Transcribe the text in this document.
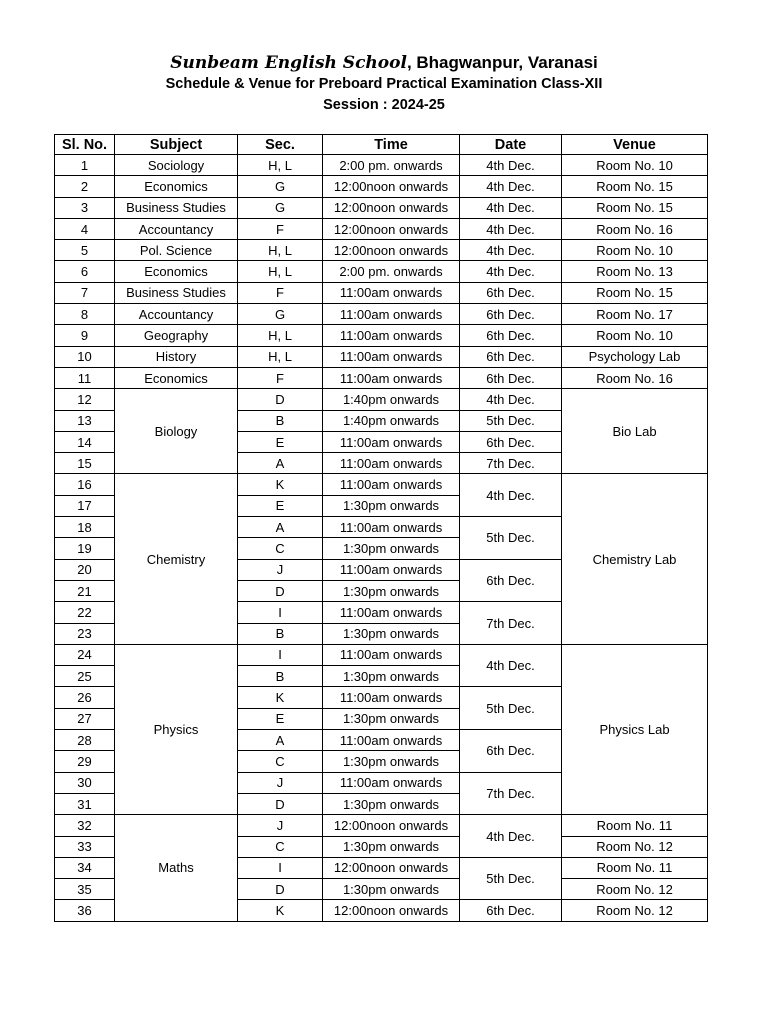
Sunbeam English School, Bhagwanpur, Varanasi
Schedule & Venue for Preboard Practical Examination Class-XII
Session : 2024-25
Sl. No.	Subject	Sec.	Time	Date	Venue
1	Sociology	H, L	2:00 pm. onwards	4th Dec.	Room No. 10
2	Economics	G	12:00noon onwards	4th Dec.	Room No. 15
3	Business Studies	G	12:00noon onwards	4th Dec.	Room No. 15
4	Accountancy	F	12:00noon onwards	4th Dec.	Room No. 16
5	Pol. Science	H, L	12:00noon onwards	4th Dec.	Room No. 10
6	Economics	H, L	2:00 pm. onwards	4th Dec.	Room No. 13
7	Business Studies	F	11:00am onwards	6th Dec.	Room No. 15
8	Accountancy	G	11:00am onwards	6th Dec.	Room No. 17
9	Geography	H, L	11:00am onwards	6th Dec.	Room No. 10
10	History	H, L	11:00am onwards	6th Dec.	Psychology Lab
11	Economics	F	11:00am onwards	6th Dec.	Room No. 16
12	Biology	D	1:40pm onwards	4th Dec.	Bio Lab
13		B	1:40pm onwards	5th Dec.	
14		E	11:00am onwards	6th Dec.	
15		A	11:00am onwards	7th Dec.	
16	Chemistry	K	11:00am onwards	4th Dec.	Chemistry Lab
17		E	1:30pm onwards		
18		A	11:00am onwards	5th Dec.	
19		C	1:30pm onwards		
20		J	11:00am onwards	6th Dec.	
21		D	1:30pm onwards		
22		I	11:00am onwards	7th Dec.	
23		B	1:30pm onwards		
24	Physics	I	11:00am onwards	4th Dec.	Physics Lab
25		B	1:30pm onwards		
26		K	11:00am onwards	5th Dec.	
27		E	1:30pm onwards		
28		A	11:00am onwards	6th Dec.	
29		C	1:30pm onwards		
30		J	11:00am onwards	7th Dec.	
31		D	1:30pm onwards		
32	Maths	J	12:00noon onwards	4th Dec.	Room No. 11
33		C	1:30pm onwards		Room No. 12
34		I	12:00noon onwards	5th Dec.	Room No. 11
35		D	1:30pm onwards		Room No. 12
36		K	12:00noon onwards	6th Dec.	Room No. 12
